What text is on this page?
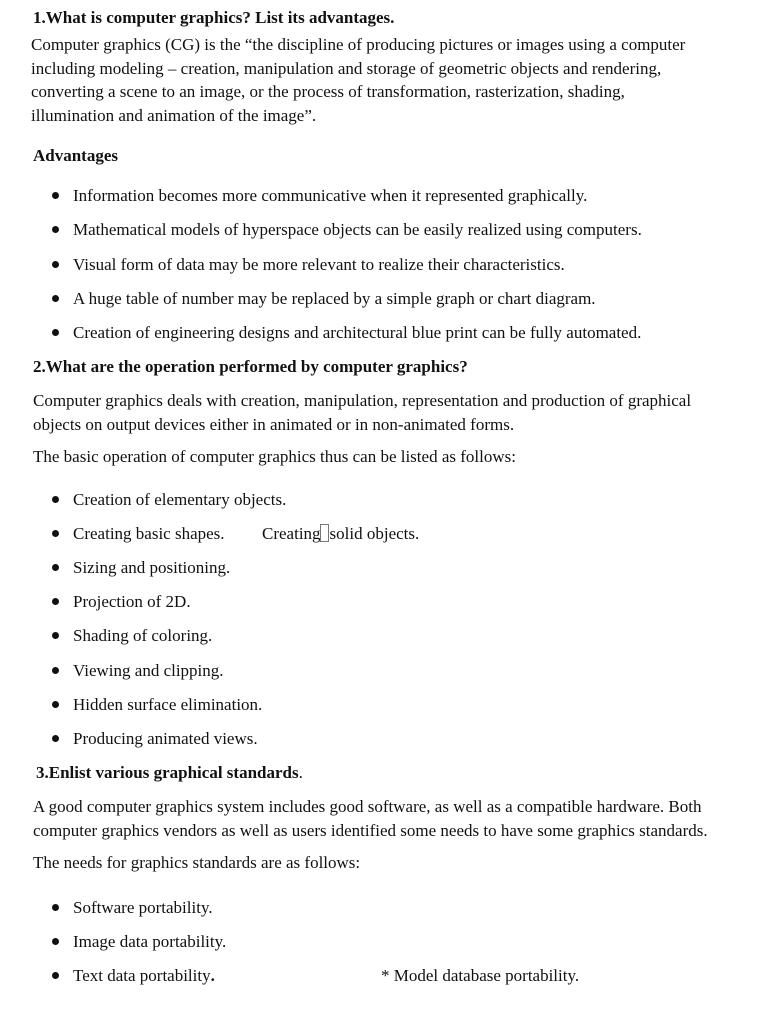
1.What is computer graphics? List its advantages.
Computer graphics (CG) is the “the discipline of producing pictures or images using a computer
including modeling – creation, manipulation and storage of geometric objects and rendering,
converting a scene to an image, or the process of transformation, rasterization, shading,
illumination and animation of the image”.
Advantages
Information becomes more communicative when it represented graphically.
Mathematical models of hyperspace objects can be easily realized using computers.
Visual form of data may be more relevant to realize their characteristics.
A huge table of number may be replaced by a simple graph or chart diagram.
Creation of engineering designs and architectural blue print can be fully automated.
2.What are the operation performed by computer graphics?
Computer graphics deals with creation, manipulation, representation and production of graphical
objects on output devices either in animated or in non-animated forms.
The basic operation of computer graphics thus can be listed as follows:
Creation of elementary objects.
Creating basic shapes. Creating solid objects.
Sizing and positioning.
Projection of 2D.
Shading of coloring.
Viewing and clipping.
Hidden surface elimination.
Producing animated views.
3.Enlist various graphical standards.
A good computer graphics system includes good software, as well as a compatible hardware. Both
computer graphics vendors as well as users identified some needs to have some graphics standards.
The needs for graphics standards are as follows:
Software portability.
Image data portability.
Text data portability.	* Model database portability.
